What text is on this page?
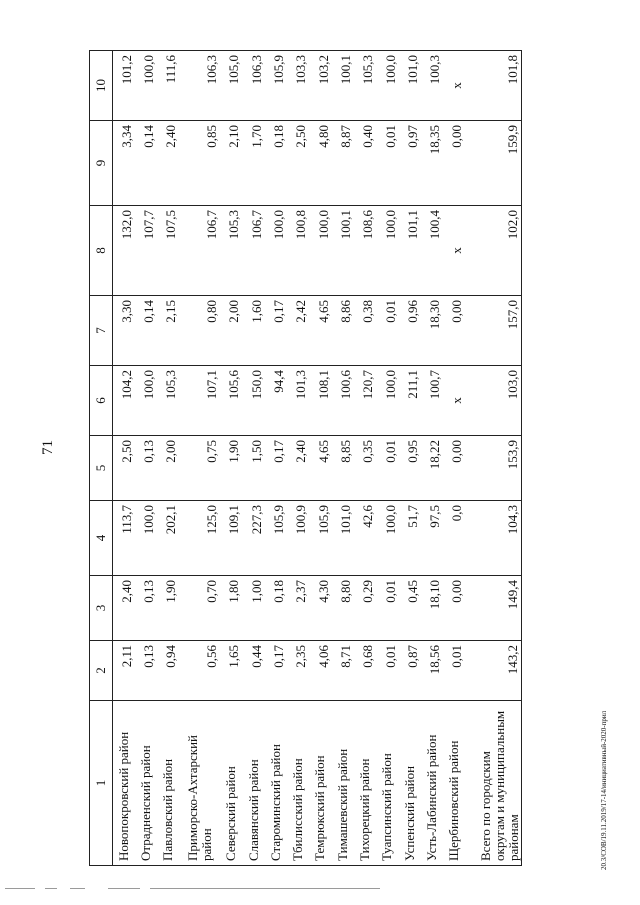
71
20.3/СОВ/19.11.2019/17-14/инициативный-2020-прил
1	2	3	4	5	6	7	8	9	10
Новопокровский район	2,11	2,40	113,7	2,50	104,2	3,30	132,0	3,34	101,2
Отрадненский район	0,13	0,13	100,0	0,13	100,0	0,14	107,7	0,14	100,0
Павловский район	0,94	1,90	202,1	2,00	105,3	2,15	107,5	2,40	111,6
Приморско-Ахтарский район	0,56	0,70	125,0	0,75	107,1	0,80	106,7	0,85	106,3
Северский район	1,65	1,80	109,1	1,90	105,6	2,00	105,3	2,10	105,0
Славянский район	0,44	1,00	227,3	1,50	150,0	1,60	106,7	1,70	106,3
Староминский район	0,17	0,18	105,9	0,17	94,4	0,17	100,0	0,18	105,9
Тбилисский район	2,35	2,37	100,9	2,40	101,3	2,42	100,8	2,50	103,3
Темрюкский район	4,06	4,30	105,9	4,65	108,1	4,65	100,0	4,80	103,2
Тимашевский район	8,71	8,80	101,0	8,85	100,6	8,86	100,1	8,87	100,1
Тихорецкий район	0,68	0,29	42,6	0,35	120,7	0,38	108,6	0,40	105,3
Туапсинский район	0,01	0,01	100,0	0,01	100,0	0,01	100,0	0,01	100,0
Успенский район	0,87	0,45	51,7	0,95	211,1	0,96	101,1	0,97	101,0
Усть-Лабинский район	18,56	18,10	97,5	18,22	100,7	18,30	100,4	18,35	100,3
Щербиновский район	0,01	0,00	0,0	0,00	x	0,00	x	0,00	x
Всего по городским округам и муниципальным районам	143,2	149,4	104,3	153,9	103,0	157,0	102,0	159,9	101,8
